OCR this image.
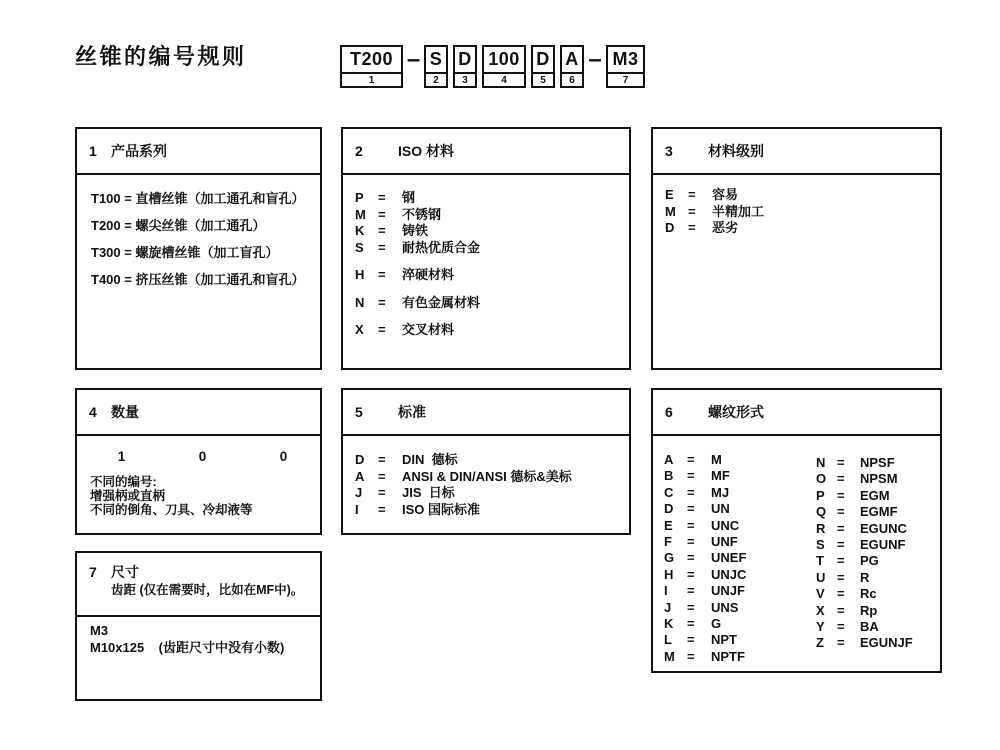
丝锥的编号规则	T200
1
– S
2
D
3
100
4
D
5
A
6
– M3
7
1	产品系列
T100 = 直槽丝锥（加工通孔和盲孔）
T200 = 螺尖丝锥（加工通孔）
T300 = 螺旋槽丝锥（加工盲孔）
T400 = 挤压丝锥（加工通孔和盲孔）
2	ISO 材料
P	=	钢
M =	不锈钢
K	=	铸铁
S	=	耐热优质合金
H	=	淬硬材料
N	=	有色金属材料
X	=	交叉材料
3	材料级别
E	=	容易
M =	半精加工
D	=	恶劣
4	数量
1	0	0
不同的编号:
增强柄或直柄
不同的倒角、刀具、冷却液等
5	标准
D	=	DIN  德标
A	=	ANSI & DIN/ANSI 德标&美标
J	=	JIS  日标
I	=	ISO 国际标准
6	螺纹形式
A	=	M
B	=	MF
C	=	MJ
D	=	UN
E	=	UNC
F	=	UNF
G =	UNEF
H	=	UNJC
I	=	UNJF
J	=	UNS
K	=	G
L	=	NPT
M =	NPTF
N =	NPSF
O =	NPSM
P =	EGM
Q =	EGMF
R =	EGUNC
S =	EGUNF
T	=	PG
U =	R
V =	Rc
X =	Rp
Y =	BA
Z	=	EGUNJF
7	尺寸
齿距 (仅在需要时，比如在MF中)。
M3
M10x125    (齿距尺寸中没有小数)
